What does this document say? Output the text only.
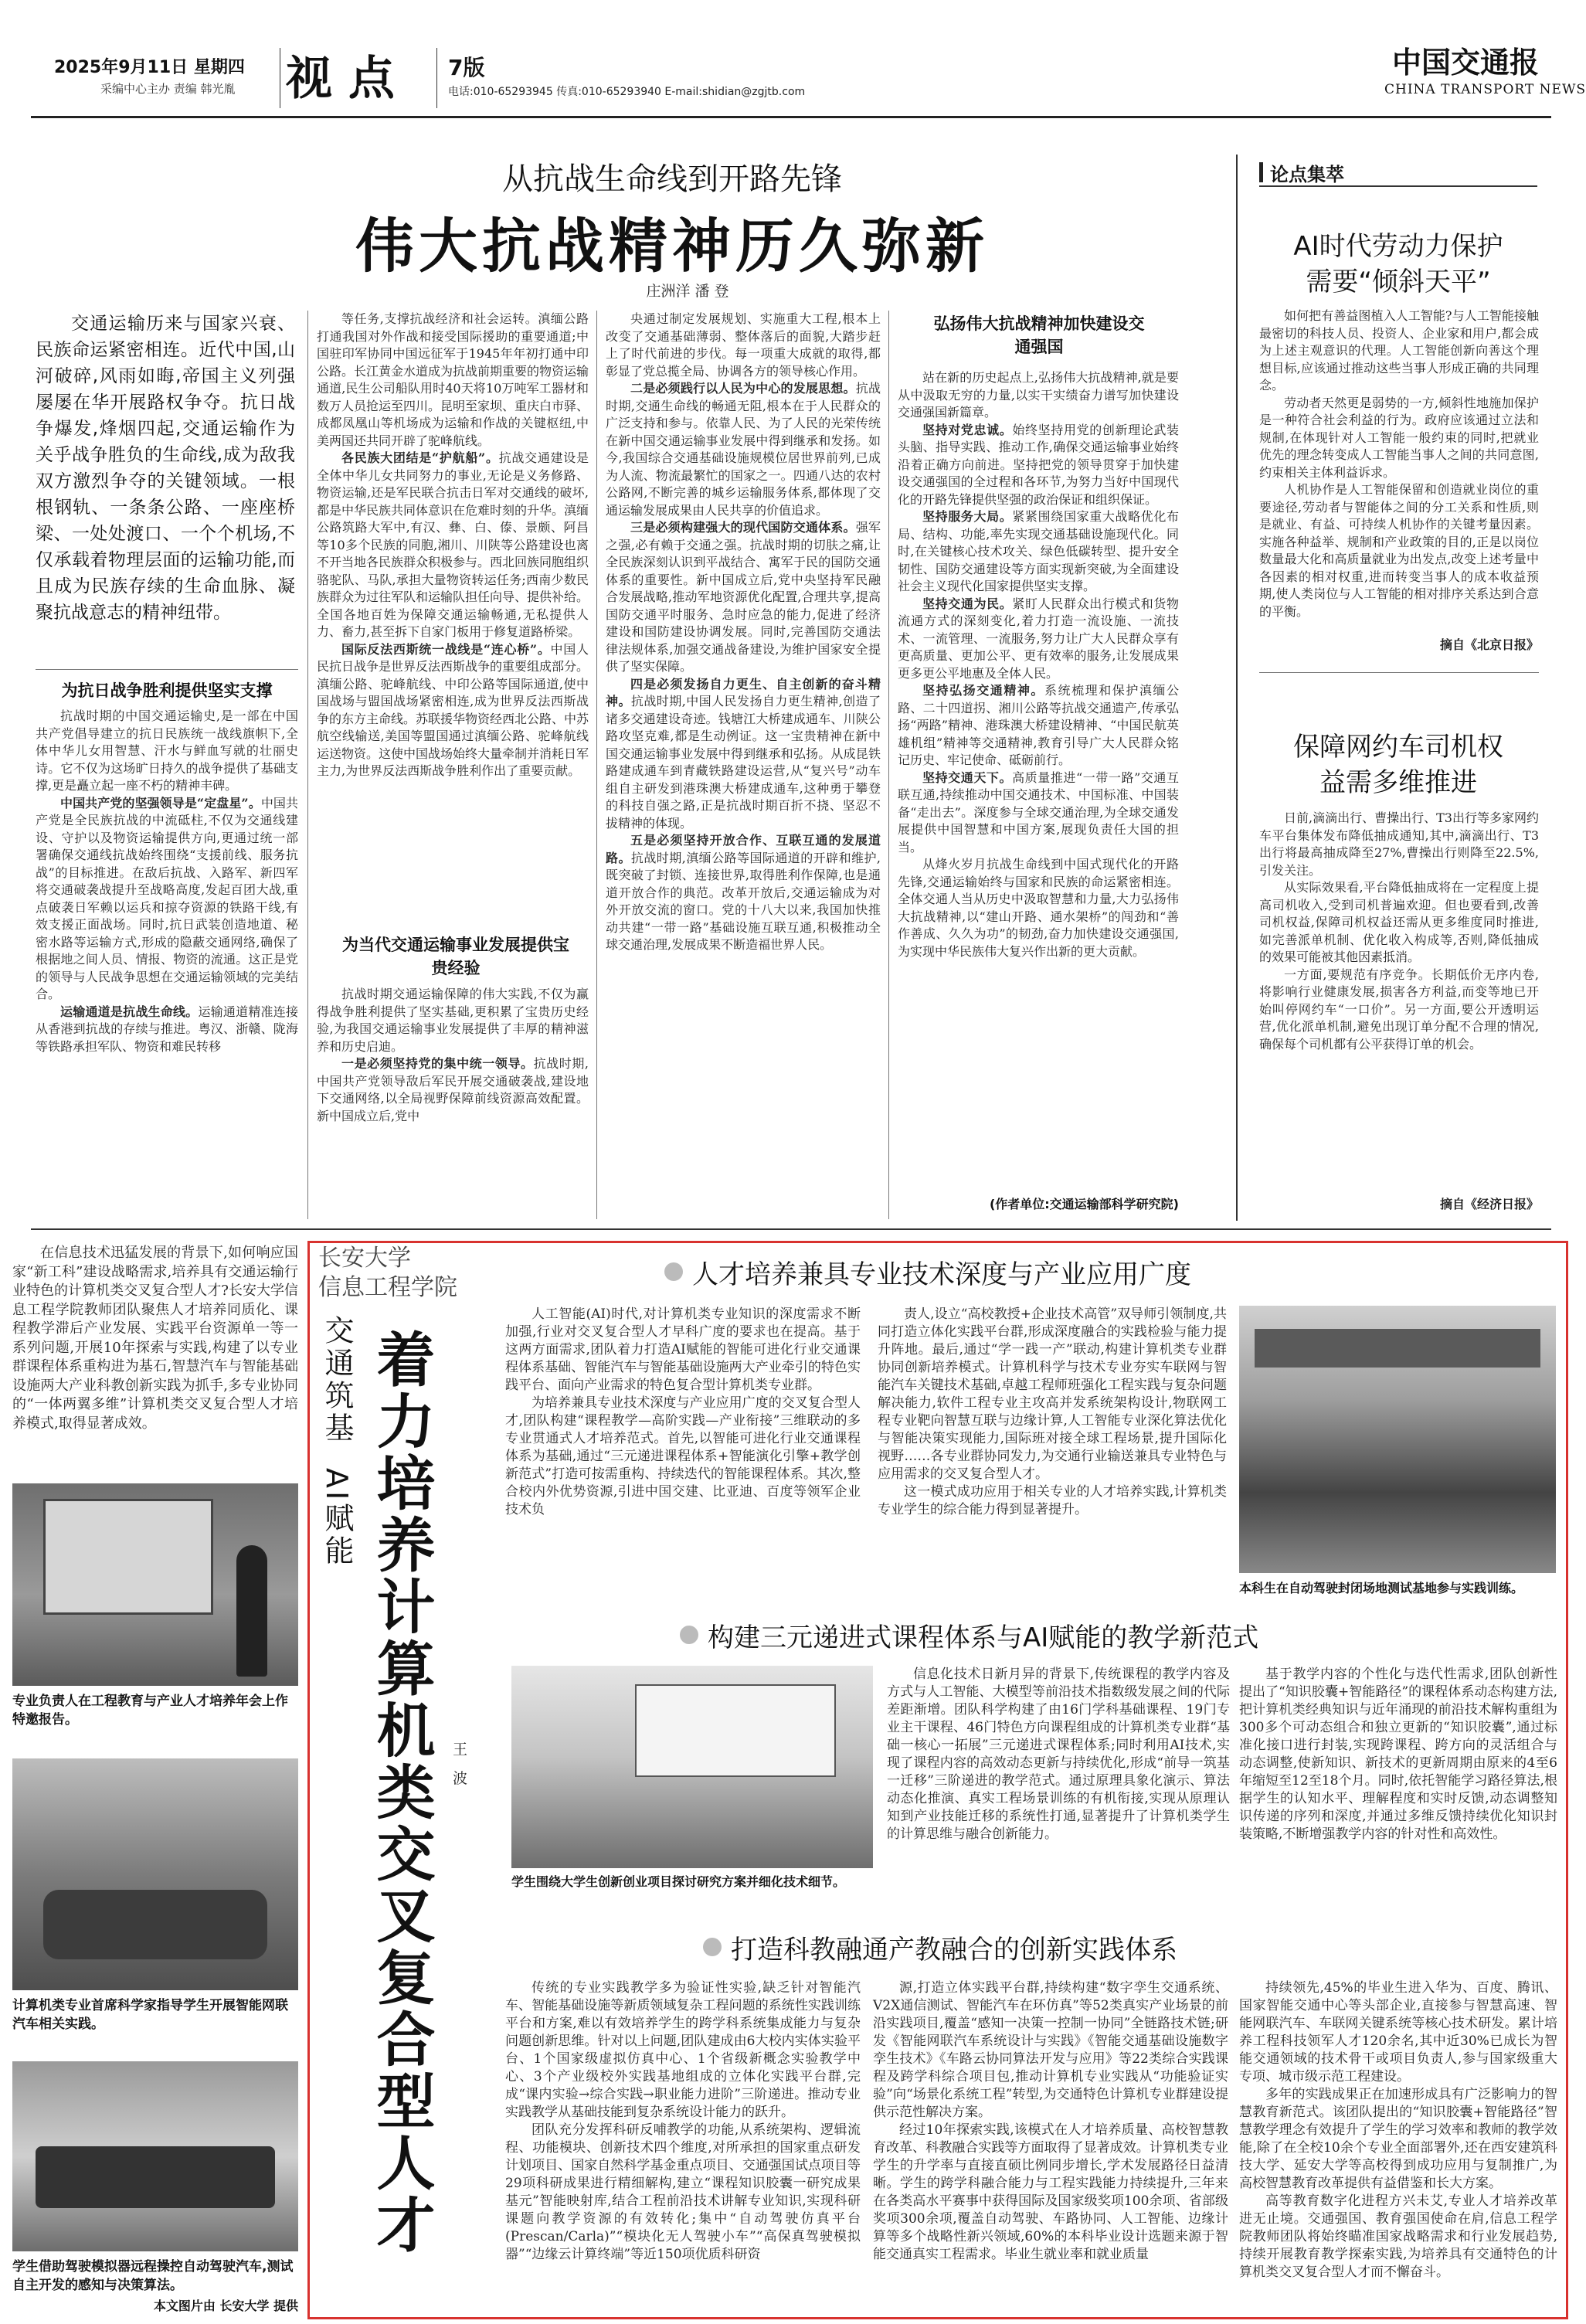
2025年9月11日 星期四
采编中心主办 责编 韩光胤 视 点 7版
电话:010-65293945 传真:010-65293940 E-mail:shidian@zgjtb.com
中国交通报
CHINA TRANSPORT NEWS
从抗战生命线到开路先锋
伟大抗战精神历久弥新
庄洲洋 潘 登
交通运输历来与国家兴衰、民族命运紧密相连。近代中国,山河破碎,风雨如晦,帝国主义列强屡屡在华开展路权争夺。抗日战争爆发,烽烟四起,交通运输作为关乎战争胜负的生命线,成为敌我双方激烈争夺的关键领域。一根根钢轨、一条条公路、一座座桥梁、一处处渡口、一个个机场,不仅承载着物理层面的运输功能,而且成为民族存续的生命血脉、凝聚抗战意志的精神纽带。
为抗日战争胜利提供坚实支撑

抗战时期的中国交通运输史,是一部在中国共产党倡导建立的抗日民族统一战线旗帜下,全体中华儿女用智慧、汗水与鲜血写就的壮丽史诗。它不仅为这场旷日持久的战争提供了基础支撑,更是矗立起一座不朽的精神丰碑。

中国共产党的坚强领导是“定盘星”。中国共产党是全民族抗战的中流砥柱,不仅为交通线建设、守护以及物资运输提供方向,更通过统一部署确保交通线抗战始终围绕“支援前线、服务抗战”的目标推进。在敌后抗战、入路军、新四军将交通破袭战提升至战略高度,发起百团大战,重点破袭日军赖以运兵和掠夺资源的铁路干线,有效支援正面战场。同时,抗日武装创造地道、秘密水路等运输方式,形成的隐蔽交通网络,确保了根据地之间人员、情报、物资的流通。这正是党的领导与人民战争思想在交通运输领域的完美结合。

运输通道是抗战生命线。运输通道精准连接从香港到抗战的存续与推进。粤汉、浙赣、陇海等铁路承担军队、物资和难民转移

等任务,支撑抗战经济和社会运转。滇缅公路打通我国对外作战和接受国际援助的重要通道;中国驻印军协同中国远征军于1945年年初打通中印公路。长江黄金水道成为抗战前期重要的物资运输通道,民生公司船队用时40天将10万吨军工器材和数万人员抢运至四川。昆明至家坝、重庆白市驿、成都凤凰山等机场成为运输和作战的关键枢纽,中美两国还共同开辟了驼峰航线。

各民族大团结是“护航船”。抗战交通建设是全体中华儿女共同努力的事业,无论是义务修路、物资运输,还是军民联合抗击日军对交通线的破坏,都是中华民族共同体意识在危难时刻的升华。滇缅公路筑路大军中,有汉、彝、白、傣、景颇、阿昌等10多个民族的同胞,湘川、川陕等公路建设也离不开当地各民族群众积极参与。西北回族同胞组织骆驼队、马队,承担大量物资转运任务;西南少数民族群众为过往军队和运输队担任向导、提供补给。全国各地百姓为保障交通运输畅通,无私提供人力、畜力,甚至拆下自家门板用于修复道路桥梁。

国际反法西斯统一战线是“连心桥”。中国人民抗日战争是世界反法西斯战争的重要组成部分。滇缅公路、驼峰航线、中印公路等国际通道,使中国战场与盟国战场紧密相连,成为世界反法西斯战争的东方主命线。苏联援华物资经西北公路、中苏航空线输送,美国等盟国通过滇缅公路、驼峰航线运送物资。这使中国战场始终大量牵制并消耗日军主力,为世界反法西斯战争胜利作出了重要贡献。

为当代交通运输事业发展提供宝贵经验

抗战时期交通运输保障的伟大实践,不仅为赢得战争胜利提供了坚实基础,更积累了宝贵历史经验,为我国交通运输事业发展提供了丰厚的精神滋养和历史启迪。

一是必须坚持党的集中统一领导。抗战时期,中国共产党领导敌后军民开展交通破袭战,建设地下交通网络,以全局视野保障前线资源高效配置。新中国成立后,党中

央通过制定发展规划、实施重大工程,根本上改变了交通基础薄弱、整体落后的面貌,大踏步赶上了时代前进的步伐。每一项重大成就的取得,都彰显了党总揽全局、协调各方的领导核心作用。

二是必须践行以人民为中心的发展思想。抗战时期,交通生命线的畅通无阻,根本在于人民群众的广泛支持和参与。依靠人民、为了人民的光荣传统在新中国交通运输事业发展中得到继承和发扬。如今,我国综合交通基础设施规模位居世界前列,已成为人流、物流最繁忙的国家之一。四通八达的农村公路网,不断完善的城乡运输服务体系,都体现了交通运输发展成果由人民共享的价值追求。

三是必须构建强大的现代国防交通体系。强军之强,必有赖于交通之强。抗战时期的切肤之痛,让全民族深刻认识到平战结合、寓军于民的国防交通体系的重要性。新中国成立后,党中央坚持军民融合发展战略,推动军地资源优化配置,合理共享,提高国防交通平时服务、急时应急的能力,促进了经济建设和国防建设协调发展。同时,完善国防交通法律法规体系,加强交通战备建设,为维护国家安全提供了坚实保障。

四是必须发扬自力更生、自主创新的奋斗精神。抗战时期,中国人民发扬自力更生精神,创造了诸多交通建设奇迹。钱塘江大桥建成通车、川陕公路攻坚克难,都是生动例证。这一宝贵精神在新中国交通运输事业发展中得到继承和弘扬。从成昆铁路建成通车到青藏铁路建设运营,从“复兴号”动车组自主研发到港珠澳大桥建成通车,这种勇于攀登的科技自强之路,正是抗战时期百折不挠、坚忍不拔精神的体现。

五是必须坚持开放合作、互联互通的发展道路。抗战时期,滇缅公路等国际通道的开辟和维护,既突破了封锁、连接世界,取得胜利作保障,也是通道开放合作的典范。改革开放后,交通运输成为对外开放交流的窗口。党的十八大以来,我国加快推动共建“一带一路”基础设施互联互通,积极推动全球交通治理,发展成果不断造福世界人民。

弘扬伟大抗战精神加快建设交通强国

站在新的历史起点上,弘扬伟大抗战精神,就是要从中汲取无穷的力量,以实干实绩奋力谱写加快建设交通强国新篇章。

坚持对党忠诚。始终坚持用党的创新理论武装头脑、指导实践、推动工作,确保交通运输事业始终沿着正确方向前进。坚持把党的领导贯穿于加快建设交通强国的全过程和各环节,为努力当好中国现代化的开路先锋提供坚强的政治保证和组织保证。

坚持服务大局。紧紧围绕国家重大战略优化布局、结构、功能,率先实现交通基础设施现代化。同时,在关键核心技术攻关、绿色低碳转型、提升安全韧性、国防交通建设等方面实现新突破,为全面建设社会主义现代化国家提供坚实支撑。

坚持交通为民。紧盯人民群众出行模式和货物流通方式的深刻变化,着力打造一流设施、一流技术、一流管理、一流服务,努力让广大人民群众享有更高质量、更加公平、更有效率的服务,让发展成果更多更公平地惠及全体人民。

坚持弘扬交通精神。系统梳理和保护滇缅公路、二十四道拐、湘川公路等抗战交通遗产,传承弘扬“两路”精神、港珠澳大桥建设精神、“中国民航英雄机组”精神等交通精神,教育引导广大人民群众铭记历史、牢记使命、砥砺前行。

坚持交通天下。高质量推进“一带一路”交通互联互通,持续推动中国交通技术、中国标准、中国装备“走出去”。深度参与全球交通治理,为全球交通发展提供中国智慧和中国方案,展现负责任大国的担当。

从烽火岁月抗战生命线到中国式现代化的开路先锋,交通运输始终与国家和民族的命运紧密相连。全体交通人当从历史中汲取智慧和力量,大力弘扬伟大抗战精神,以“建山开路、通水架桥”的闯劲和“善作善成、久久为功”的韧劲,奋力加快建设交通强国,为实现中华民族伟大复兴作出新的更大贡献。

(作者单位:交通运输部科学研究院)
论点集萃
AI时代劳动力保护需要“倾斜天平”

如何把有善益图植入人工智能?与人工智能接触最密切的科技人员、投资人、企业家和用户,都会成为上述主观意识的代理。人工智能创新向善这个理想目标,应该通过推动这些当事人形成正确的共同理念。

劳动者天然更是弱势的一方,倾斜性地施加保护是一种符合社会利益的行为。政府应该通过立法和规制,在体现针对人工智能一般约束的同时,把就业优先的理念转变成人工智能当事人之间的共同意图,约束相关主体利益诉求。

人机协作是人工智能保留和创造就业岗位的重要途径,劳动者与智能体之间的分工关系和性质,则是就业、有益、可持续人机协作的关键考量因素。实施各种益举、规制和产业政策的目的,正是以岗位数量最大化和高质量就业为出发点,改变上述考量中各因素的相对权重,进而转变当事人的成本收益预期,使人类岗位与人工智能的相对排序关系达到合意的平衡。

摘自《北京日报》
保障网约车司机权益需多维推进

日前,滴滴出行、曹操出行、T3出行等多家网约车平台集体发布降低抽成通知,其中,滴滴出行、T3出行将最高抽成降至27%,曹操出行则降至22.5%,引发关注。

从实际效果看,平台降低抽成将在一定程度上提高司机收入,受到司机普遍欢迎。但也要看到,改善司机权益,保障司机权益还需从更多维度同时推进,如完善派单机制、优化收入构成等,否则,降低抽成的效果可能被其他因素抵消。

一方面,要规范有序竞争。长期低价无序内卷,将影响行业健康发展,损害各方利益,而变等地已开始叫停网约车“一口价”。另一方面,要公开透明运营,优化派单机制,避免出现订单分配不合理的情况,确保每个司机都有公平获得订单的机会。

摘自《经济日报》
在信息技术迅猛发展的背景下,如何响应国家“新工科”建设战略需求,培养具有交通运输行业特色的计算机类交叉复合型人才?长安大学信息工程学院教师团队聚焦人才培养同质化、课程教学滞后产业发展、实践平台资源单一等一系列问题,开展10年探索与实践,构建了以专业群课程体系重构进为基石,智慧汽车与智能基础设施两大产业科教创新实践为抓手,多专业协同的“一体两翼多维”计算机类交叉复合型人才培养模式,取得显著成效。
专业负责人在工程教育与产业人才培养年会上作特邀报告。
计算机类专业首席科学家指导学生开展智能网联汽车相关实践。
学生借助驾驶模拟器远程操控自动驾驶汽车,测试自主开发的感知与决策算法。
本文图片由 长安大学 提供
长安大学
信息工程学院
交通筑基
AI赋能 着力培养计算机类交叉复合型人才	王 波
人才培养兼具专业技术深度与产业应用广度

人工智能(AI)时代,对计算机类专业知识的深度需求不断加强,行业对交叉复合型人才早科广度的要求也在提高。基于这两方面需求,团队着力打造AI赋能的智能可进化行业交通课程体系基础、智能汽车与智能基础设施两大产业牵引的特色实践平台、面向产业需求的特色复合型计算机类专业群。

为培养兼具专业技术深度与产业应用广度的交叉复合型人才,团队构建“课程教学—高阶实践—产业衔接”三维联动的多专业贯通式人才培养范式。首先,以智能可进化行业交通课程体系为基础,通过“三元递进课程体系+智能演化引擎+教学创新范式”打造可按需重构、持续迭代的智能课程体系。其次,整合校内外优势资源,引进中国交建、比亚迪、百度等领军企业技术负

责人,设立“高校教授+企业技术高管”双导师引领制度,共同打造立体化实践平台群,形成深度融合的实践检验与能力提升阵地。最后,通过“学一践一产”联动,构建计算机类专业群协同创新培养模式。计算机科学与技术专业夯实车联网与智能汽车关键技术基础,卓越工程师班强化工程实践与复杂问题解决能力,软件工程专业主攻高并发系统架构设计,物联网工程专业靶向智慧互联与边缘计算,人工智能专业深化算法优化与智能决策实现能力,国际班对接全球工程场景,提升国际化视野……各专业群协同发力,为交通行业输送兼具专业特色与应用需求的交叉复合型人才。

这一模式成功应用于相关专业的人才培养实践,计算机类专业学生的综合能力得到显著提升。

本科生在自动驾驶封闭场地测试基地参与实践训练。
构建三元递进式课程体系与AI赋能的教学新范式
学生围绕大学生创新创业项目探讨研究方案并细化技术细节。

信息化技术日新月异的背景下,传统课程的教学内容及方式与人工智能、大模型等前沿技术指数级发展之间的代际差距渐增。团队科学构建了由16门学科基础课程、19门专业主干课程、46门特色方向课程组成的计算机类专业群“基础一核心一拓展”三元递进式课程体系;同时利用AI技术,实现了课程内容的高效动态更新与持续优化,形成“前导一筑基一迁移”三阶递进的教学范式。通过原理具象化演示、算法动态化推演、真实工程场景训练的有机衔接,实现从原理认知到产业技能迁移的系统性打通,显著提升了计算机类学生的计算思维与融合创新能力。

基于教学内容的个性化与迭代性需求,团队创新性提出了“知识胶囊+智能路径”的课程体系动态构建方法,把计算机类经典知识与近年涌现的前沿技术解构重组为300多个可动态组合和独立更新的“知识胶囊”,通过标准化接口进行封装,实现跨课程、跨方向的灵活组合与动态调整,使新知识、新技术的更新周期由原来的4至6年缩短至12至18个月。同时,依托智能学习路径算法,根据学生的认知水平、理解程度和实时反馈,动态调整知识传递的序列和深度,并通过多维反馈持续优化知识封装策略,不断增强教学内容的针对性和高效性。

打造科教融通产教融合的创新实践体系

传统的专业实践教学多为验证性实验,缺乏针对智能汽车、智能基础设施等新质领域复杂工程问题的系统性实践训练平台和方案,难以有效培养学生的跨学科系统集成能力与复杂问题创新思维。针对以上问题,团队建成由6大校内实体实验平台、1个国家级虚拟仿真中心、1个省级新概念实验教学中心、3个产业级校外实践基地组成的立体化实践平台群,完成“课内实验→综合实践→职业能力进阶”三阶递进。推动专业实践教学从基础技能到复杂系统设计能力的跃升。

团队充分发挥科研反哺教学的功能,从系统架构、逻辑流程、功能模块、创新技术四个维度,对所承担的国家重点研发计划项目、国家自然科学基金重点项目、交通强国试点项目等29项科研成果进行精细解构,建立“课程知识胶囊一研究成果基元”智能映射库,结合工程前沿技术讲解专业知识,实现科研课题向教学资源的有效转化;集中“自动驾驶仿真平台(Prescan/Carla)”“模块化无人驾驶小车”“高保真驾驶模拟器”“边缘云计算终端”等近150项优质科研资

源,打造立体实践平台群,持续构建“数字孪生交通系统、V2X通信测试、智能汽车在环仿真”等52类真实产业场景的前沿实践项目,覆盖“感知一决策一控制一协同”全链路技术链;研发《智能网联汽车系统设计与实践》《智能交通基础设施数字孪生技术》《车路云协同算法开发与应用》等22类综合实践课程及跨学科综合项目包,推动计算机专业实践从“功能验证实验”向“场景化系统工程”转型,为交通特色计算机专业群建设提供示范性解决方案。

经过10年探索实践,该模式在人才培养质量、高校智慧教育改革、科教融合实践等方面取得了显著成效。计算机类专业学生的升学率与直接直硕比例同步增长,学术发展路径日益清晰。学生的跨学科融合能力与工程实践能力持续提升,三年来在各类高水平赛事中获得国际及国家级奖项100余项、省部级奖项300余项,覆盖自动驾驶、车路协同、人工智能、边缘计算等多个战略性新兴领域,60%的本科毕业设计选题来源于智能交通真实工程需求。毕业生就业率和就业质量

持续领先,45%的毕业生进入华为、百度、腾讯、国家智能交通中心等头部企业,直接参与智慧高速、智能网联汽车、车联网关键系统等核心技术研发。累计培养工程科技领军人才120余名,其中近30%已成长为智能交通领域的技术骨干或项目负责人,参与国家级重大专项、城市级示范工程建设。

多年的实践成果正在加速形成具有广泛影响力的智慧教育新范式。该团队提出的“知识胶囊+智能路径”智慧教学理念有效提升了学生的学习效率和教师的教学效能,除了在全校10余个专业全面部署外,还在西安建筑科技大学、延安大学等高校得到成功应用与复制推广,为高校智慧教育改革提供有益借鉴和长大方案。

高等教育数字化进程方兴未艾,专业人才培养改革进无止境。交通强国、教育强国使命在肩,信息工程学院教师团队将始终瞄准国家战略需求和行业发展趋势,持续开展教育教学探索实践,为培养具有交通特色的计算机类交叉复合型人才而不懈奋斗。
